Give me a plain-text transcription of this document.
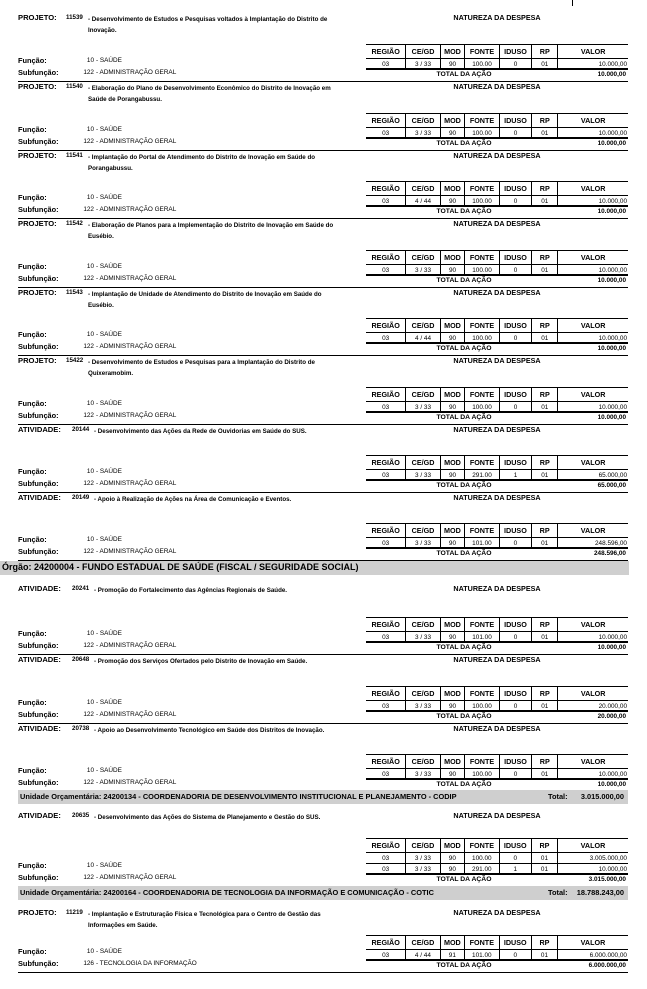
PROJETO: 11539 - Desenvolvimento de Estudos e Pesquisas voltados à Implantação do Distrito de Inovação.
Função:	10 - SAÚDE
Subfunção:	122 - ADMINISTRAÇÃO GERAL
NATUREZA DA DESPESA
REGIÃO	CE/GD	MOD	FONTE	IDUSO	RP	VALOR
03	3 / 33	90	100.00	0	01	10.000,00
TOTAL DA AÇÃO	10.000,00
PROJETO: 11540 - Elaboração do Plano de Desenvolvimento Econômico do Distrito de Inovação em Saúde de Porangabussu.
Função:	10 - SAÚDE
Subfunção:	122 - ADMINISTRAÇÃO GERAL
NATUREZA DA DESPESA
REGIÃO	CE/GD	MOD	FONTE	IDUSO	RP	VALOR
03	3 / 33	90	100.00	0	01	10.000,00
TOTAL DA AÇÃO	10.000,00
PROJETO: 11541 - Implantação do Portal de Atendimento do Distrito de Inovação em Saúde do Porangabussu.
Função:	10 - SAÚDE
Subfunção:	122 - ADMINISTRAÇÃO GERAL
NATUREZA DA DESPESA
REGIÃO	CE/GD	MOD	FONTE	IDUSO	RP	VALOR
03	4 / 44	90	100.00	0	01	10.000,00
TOTAL DA AÇÃO	10.000,00
PROJETO: 11542 - Elaboração de Planos para a Implementação do Distrito de Inovação em Saúde do Eusébio.
Função:	10 - SAÚDE
Subfunção:	122 - ADMINISTRAÇÃO GERAL
NATUREZA DA DESPESA
REGIÃO	CE/GD	MOD	FONTE	IDUSO	RP	VALOR
03	3 / 33	90	100.00	0	01	10.000,00
TOTAL DA AÇÃO	10.000,00
PROJETO: 11543 - Implantação de Unidade de Atendimento do Distrito de Inovação em Saúde do Eusébio.
Função:	10 - SAÚDE
Subfunção:	122 - ADMINISTRAÇÃO GERAL
NATUREZA DA DESPESA
REGIÃO	CE/GD	MOD	FONTE	IDUSO	RP	VALOR
03	4 / 44	90	100.00	0	01	10.000,00
TOTAL DA AÇÃO	10.000,00
PROJETO: 15422 - Desenvolvimento de Estudos e Pesquisas para a Implantação do Distrito de Quixeramobim.
Função:	10 - SAÚDE
Subfunção:	122 - ADMINISTRAÇÃO GERAL
NATUREZA DA DESPESA
REGIÃO	CE/GD	MOD	FONTE	IDUSO	RP	VALOR
03	3 / 33	90	100.00	0	01	10.000,00
TOTAL DA AÇÃO	10.000,00
ATIVIDADE: 20144 - Desenvolvimento das Ações da Rede de Ouvidorias em Saúde do SUS.
Função:	10 - SAÚDE
Subfunção:	122 - ADMINISTRAÇÃO GERAL
NATUREZA DA DESPESA
REGIÃO	CE/GD	MOD	FONTE	IDUSO	RP	VALOR
03	3 / 33	90	291.00	1	01	65.000,00
TOTAL DA AÇÃO	65.000,00
ATIVIDADE: 20149 - Apoio à Realização de Ações na Área de Comunicação e Eventos.
Função:	10 - SAÚDE
Subfunção:	122 - ADMINISTRAÇÃO GERAL
NATUREZA DA DESPESA
REGIÃO	CE/GD	MOD	FONTE	IDUSO	RP	VALOR
03	3 / 33	90	101.00	0	01	248.596,00
TOTAL DA AÇÃO	248.596,00
ATIVIDADE: 20241 - Promoção do Fortalecimento das Agências Regionais de Saúde.
Função:	10 - SAÚDE
Subfunção:	122 - ADMINISTRAÇÃO GERAL
NATUREZA DA DESPESA
REGIÃO	CE/GD	MOD	FONTE	IDUSO	RP	VALOR
03	3 / 33	90	101.00	0	01	10.000,00
TOTAL DA AÇÃO	10.000,00
ATIVIDADE: 20648 - Promoção dos Serviços Ofertados pelo Distrito de Inovação em Saúde.
Função:	10 - SAÚDE
Subfunção:	122 - ADMINISTRAÇÃO GERAL
NATUREZA DA DESPESA
REGIÃO	CE/GD	MOD	FONTE	IDUSO	RP	VALOR
03	3 / 33	90	100.00	0	01	20.000,00
TOTAL DA AÇÃO	20.000,00
ATIVIDADE: 20738 - Apoio ao Desenvolvimento Tecnológico em Saúde dos Distritos de Inovação.
Função:	10 - SAÚDE
Subfunção:	122 - ADMINISTRAÇÃO GERAL
NATUREZA DA DESPESA
REGIÃO	CE/GD	MOD	FONTE	IDUSO	RP	VALOR
03	3 / 33	90	100.00	0	01	10.000,00
TOTAL DA AÇÃO	10.000,00
ATIVIDADE: 20635 - Desenvolvimento das Ações do Sistema de Planejamento e Gestão do SUS.
Função:	10 - SAÚDE
Subfunção:	122 - ADMINISTRAÇÃO GERAL
NATUREZA DA DESPESA
REGIÃO	CE/GD	MOD	FONTE	IDUSO	RP	VALOR
03	3 / 33	90	100.00	0	01	3.005.000,00
03	3 / 33	90	291.00	1	01	10.000,00
TOTAL DA AÇÃO	3.015.000,00
PROJETO: 11219 - Implantação e Estruturação Física e Tecnológica para o Centro de Gestão das Informações em Saúde.
Função:	10 - SAÚDE
Subfunção:	126 - TECNOLOGIA DA INFORMAÇÃO
NATUREZA DA DESPESA
REGIÃO	CE/GD	MOD	FONTE	IDUSO	RP	VALOR
03	4 / 44	91	101.00	0	01	6.000.000,00
TOTAL DA AÇÃO	6.000.000,00
Órgão: 24200004 - FUNDO ESTADUAL DE SAÚDE (FISCAL / SEGURIDADE SOCIAL)
Unidade Orçamentária: 24200134 - COORDENADORIA DE DESENVOLVIMENTO INSTITUCIONAL E PLANEJAMENTO - CODIP	Total: 3.015.000,00
Unidade Orçamentária: 24200164 - COORDENADORIA DE TECNOLOGIA DA INFORMAÇÃO E COMUNICAÇÃO - COTIC	Total: 18.788.243,00
